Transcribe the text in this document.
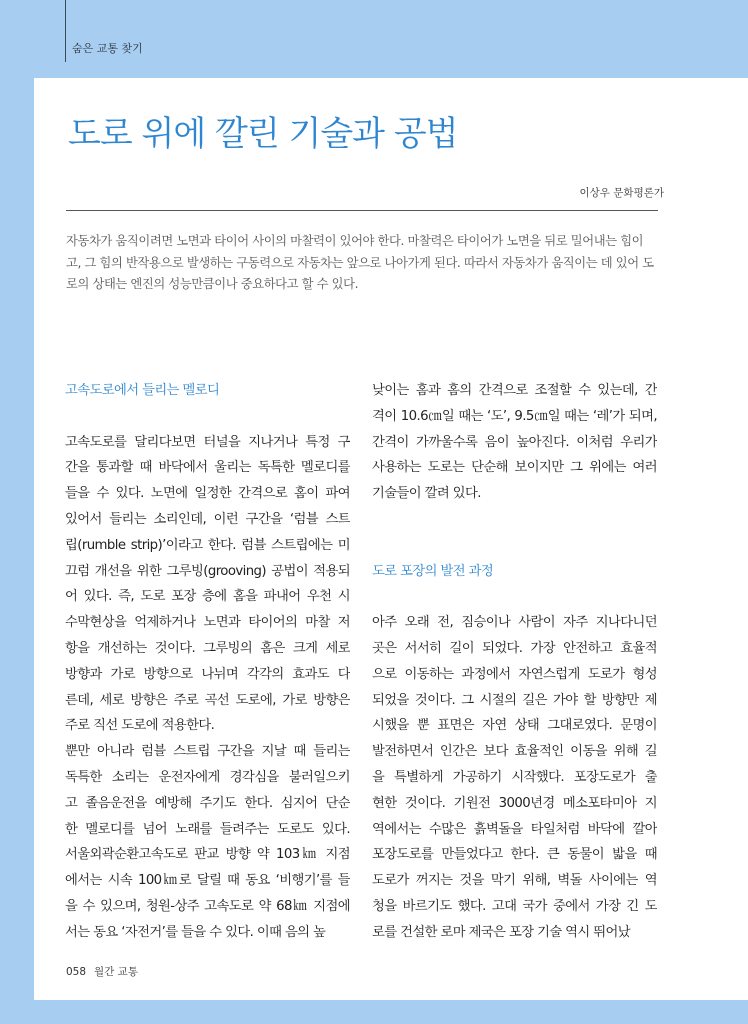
숨은 교통 찾기
도로 위에 깔린 기술과 공법
이상우 문화평론가

자동차가 움직이려면 노면과 타이어 사이의 마찰력이 있어야 한다. 마찰력은 타이어가 노면을 뒤로 밀어내는 힘이고, 그 힘의 반작용으로 발생하는 구동력으로 자동차는 앞으로 나아가게 된다. 따라서 자동차가 움직이는 데 있어 도로의 상태는 엔진의 성능만큼이나 중요하다고 할 수 있다.

고속도로에서 들리는 멜로디
고속도로를 달리다보면 터널을 지나거나 특정 구
간을 통과할 때 바닥에서 울리는 독특한 멜로디를
들을 수 있다. 노면에 일정한 간격으로 홈이 파여
있어서 들리는 소리인데, 이런 구간을 ‘럼블 스트
립(rumble strip)’이라고 한다. 럼블 스트립에는 미
끄럼 개선을 위한 그루빙(grooving) 공법이 적용되
어 있다. 즉, 도로 포장 층에 홈을 파내어 우천 시
수막현상을 억제하거나 노면과 타이어의 마찰 저
항을 개선하는 것이다. 그루빙의 홈은 크게 세로
방향과 가로 방향으로 나뉘며 각각의 효과도 다
른데, 세로 방향은 주로 곡선 도로에, 가로 방향은
주로 직선 도로에 적용한다.
뿐만 아니라 럼블 스트립 구간을 지날 때 들리는
독특한 소리는 운전자에게 경각심을 불러일으키
고 졸음운전을 예방해 주기도 한다. 심지어 단순
한 멜로디를 넘어 노래를 들려주는 도로도 있다.
서울외곽순환고속도로 판교 방향 약 103㎞ 지점
에서는 시속 100㎞로 달릴 때 동요 ‘비행기’를 들
을 수 있으며, 청원-상주 고속도로 약 68㎞ 지점에
서는 동요 ‘자전거’를 들을 수 있다. 이때 음의 높
낮이는 홈과 홈의 간격으로 조절할 수 있는데, 간
격이 10.6㎝일 때는 ‘도’, 9.5㎝일 때는 ‘레’가 되며,
간격이 가까울수록 음이 높아진다. 이처럼 우리가
사용하는 도로는 단순해 보이지만 그 위에는 여러
기술들이 깔려 있다.
도로 포장의 발전 과정
아주 오래 전, 짐승이나 사람이 자주 지나다니던
곳은 서서히 길이 되었다. 가장 안전하고 효율적
으로 이동하는 과정에서 자연스럽게 도로가 형성
되었을 것이다. 그 시절의 길은 가야 할 방향만 제
시했을 뿐 표면은 자연 상태 그대로였다. 문명이
발전하면서 인간은 보다 효율적인 이동을 위해 길
을 특별하게 가공하기 시작했다. 포장도로가 출
현한 것이다. 기원전 3000년경 메소포타미아 지
역에서는 수많은 흙벽돌을 타일처럼 바닥에 깔아
포장도로를 만들었다고 한다. 큰 동물이 밟을 때
도로가 꺼지는 것을 막기 위해, 벽돌 사이에는 역
청을 바르기도 했다. 고대 국가 중에서 가장 긴 도
로를 건설한 로마 제국은 포장 기술 역시 뛰어났
058 월간 교통
